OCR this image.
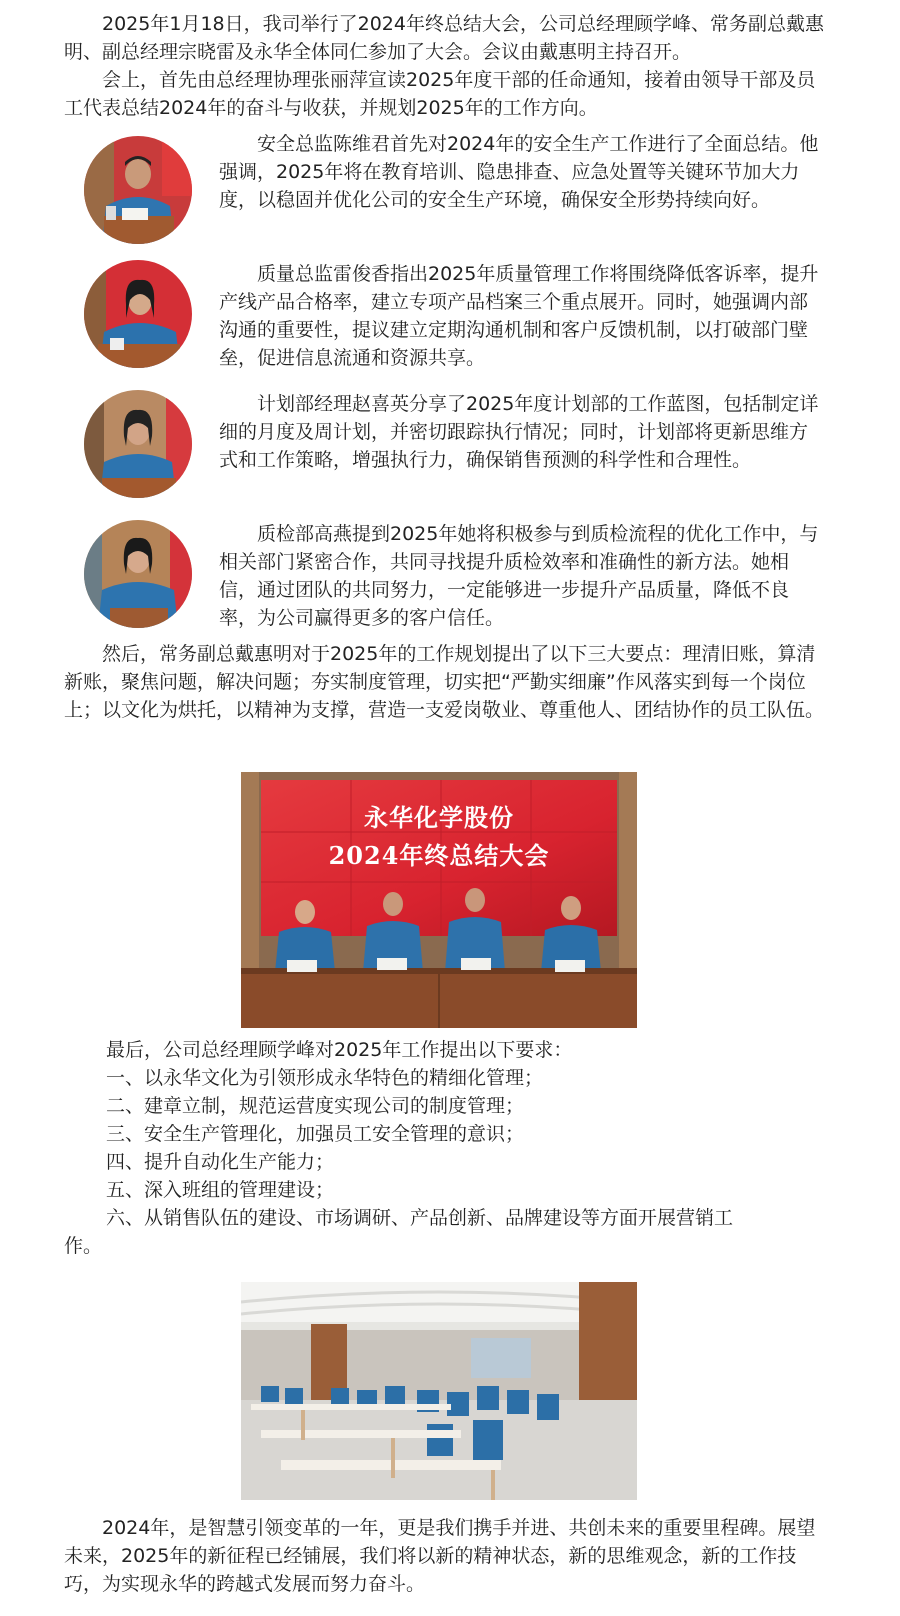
2025年1月18日，我司举行了2024年终总结大会，公司总经理顾学峰、常务副总戴惠明、副总经理宗晓雷及永华全体同仁参加了大会。会议由戴惠明主持召开。

会上，首先由总经理协理张丽萍宣读2025年度干部的任命通知，接着由领导干部及员工代表总结2024年的奋斗与收获，并规划2025年的工作方向。

安全总监陈维君首先对2024年的安全生产工作进行了全面总结。他强调，2025年将在教育培训、隐患排查、应急处置等关键环节加大力度，以稳固并优化公司的安全生产环境，确保安全形势持续向好。

质量总监雷俊香指出2025年质量管理工作将围绕降低客诉率，提升产线产品合格率，建立专项产品档案三个重点展开。同时，她强调内部沟通的重要性，提议建立定期沟通机制和客户反馈机制，以打破部门壁垒，促进信息流通和资源共享。

计划部经理赵喜英分享了2025年度计划部的工作蓝图，包括制定详细的月度及周计划，并密切跟踪执行情况；同时，计划部将更新思维方式和工作策略，增强执行力，确保销售预测的科学性和合理性。

质检部高燕提到2025年她将积极参与到质检流程的优化工作中，与相关部门紧密合作，共同寻找提升质检效率和准确性的新方法。她相信，通过团队的共同努力，一定能够进一步提升产品质量，降低不良率，为公司赢得更多的客户信任。

然后，常务副总戴惠明对于2025年的工作规划提出了以下三大要点：理清旧账，算清新账，聚焦问题，解决问题；夯实制度管理，切实把“严勤实细廉”作风落实到每一个岗位上；以文化为烘托，以精神为支撑，营造一支爱岗敬业、尊重他人、团结协作的员工队伍。

永华化学股份
2024年终总结大会

最后，公司总经理顾学峰对2025年工作提出以下要求：

一、以永华文化为引领形成永华特色的精细化管理；

二、建章立制，规范运营度实现公司的制度管理；

三、安全生产管理化，加强员工安全管理的意识；

四、提升自动化生产能力；

五、深入班组的管理建设；

六、从销售队伍的建设、市场调研、产品创新、品牌建设等方面开展营销工

作。

2024年，是智慧引领变革的一年，更是我们携手并进、共创未来的重要里程碑。展望未来，2025年的新征程已经铺展，我们将以新的精神状态，新的思维观念，新的工作技巧，为实现永华的跨越式发展而努力奋斗。
